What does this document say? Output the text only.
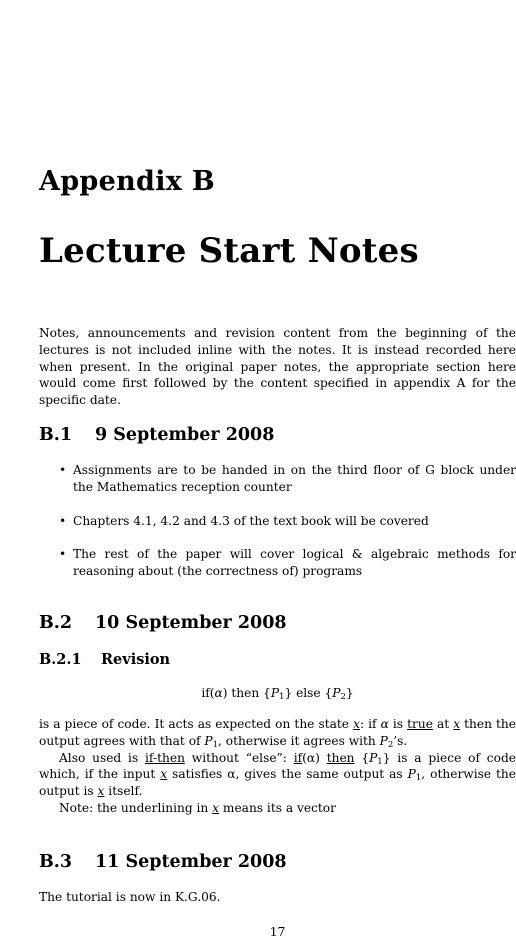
Appendix B
Lecture Start Notes
Notes, announcements and revision content from the beginning of the lectures is not included inline with the notes. It is instead recorded here when present. In the original paper notes, the appropriate section here would come first followed by the content specified in appendix A for the specific date.
B.1 9 September 2008
• Assignments are to be handed in on the third floor of G block under the Mathematics reception counter
• Chapters 4.1, 4.2 and 4.3 of the text book will be covered
• The rest of the paper will cover logical & algebraic methods for reasoning about (the correctness of) programs
B.2 10 September 2008
B.2.1 Revision
if(α) then $\{P_1\}$ else $\{P_2\}$
is a piece of code. It acts as expected on the state x: if α is true at x then the output agrees with that of $P_1$, otherwise it agrees with $P_2’s$.
Also used is if-then without “else”: if(α) then $\{P_1\}$ is a piece of code which, if the input x satisfies α, gives the same output as $P_1$, otherwise the output is x itself.
Note: the underlining in x means its a vector
B.3 11 September 2008
The tutorial is now in K.G.06.
17
